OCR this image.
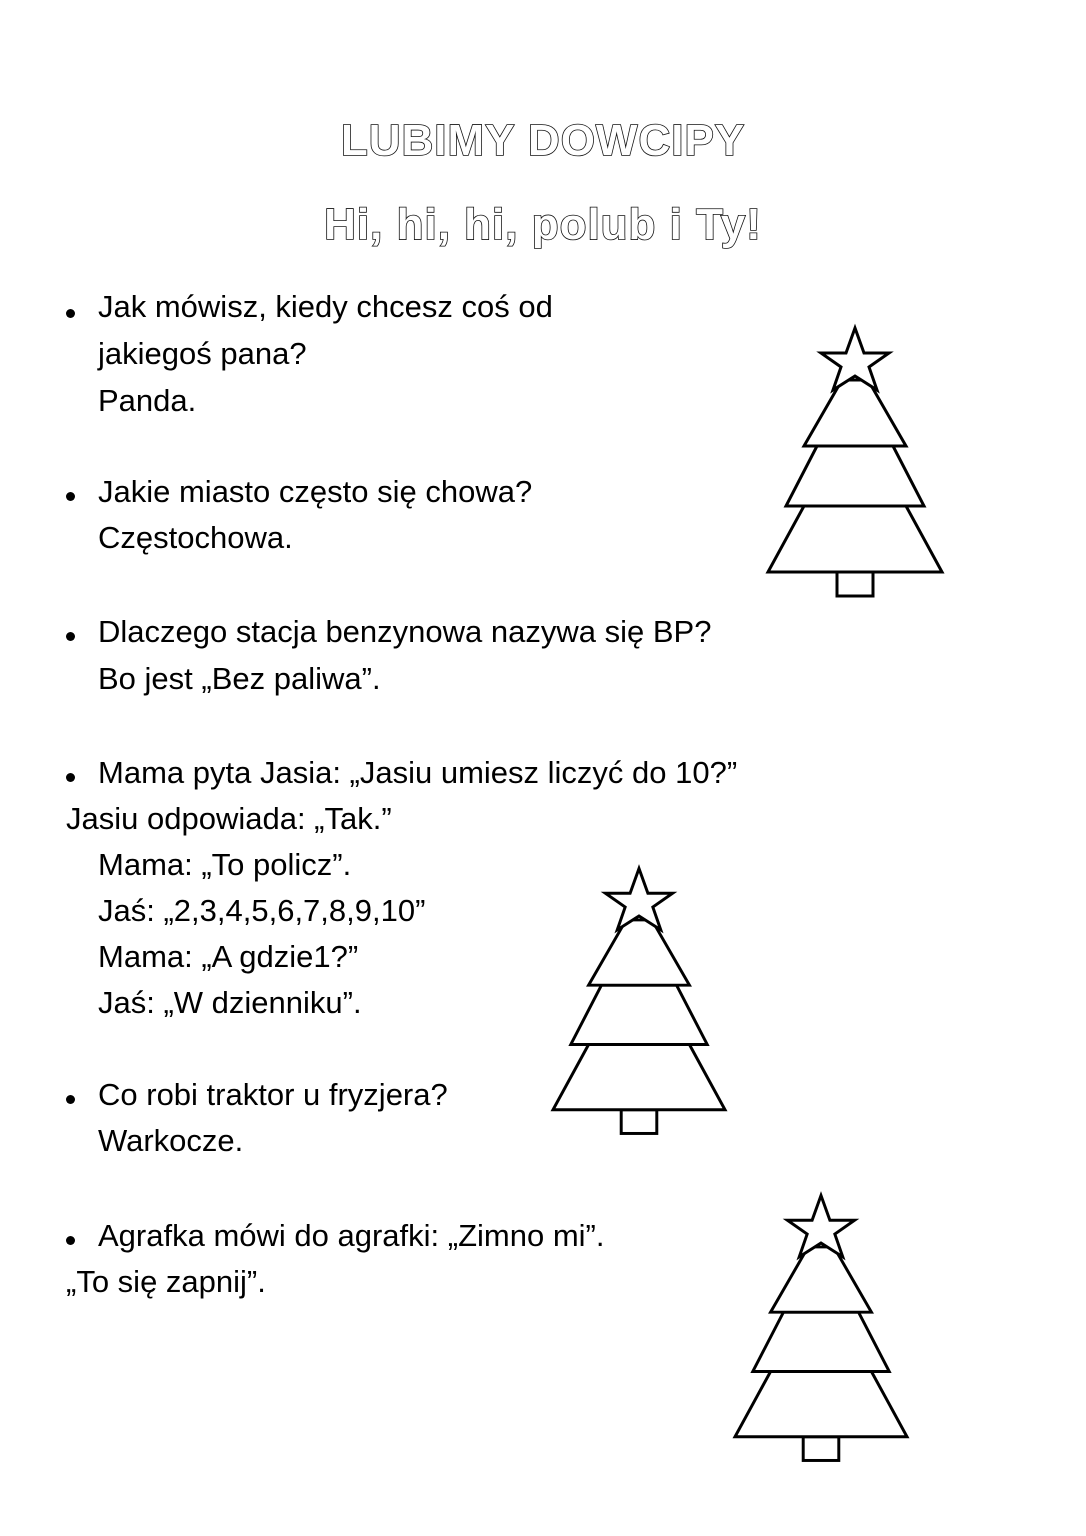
LUBIMY DOWCIPY
Hi, hi, hi, polub i Ty!
Jak mówisz, kiedy chcesz coś od
jakiegoś pana?
Panda.
Jakie miasto często się chowa?
Częstochowa.
Dlaczego stacja benzynowa nazywa się BP?
Bo jest „Bez paliwa”.
Mama pyta Jasia: „Jasiu umiesz liczyć do 10?”
Jasiu odpowiada: „Tak.”
Mama: „To policz”.
Jaś: „2,3,4,5,6,7,8,9,10”
Mama: „A gdzie1?”
Jaś: „W dzienniku”.
Co robi traktor u fryzjera?
Warkocze.
Agrafka mówi do agrafki: „Zimno mi”.
„To się zapnij”.
